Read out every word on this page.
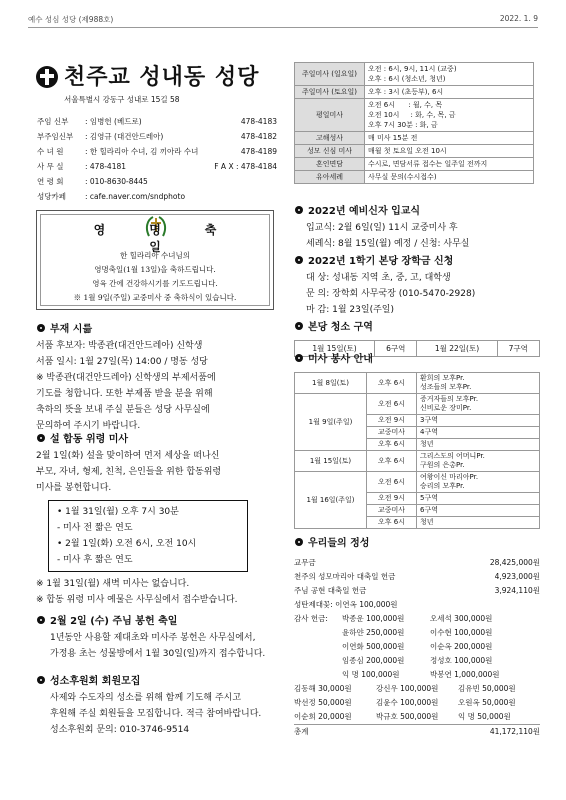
예수 성심 성당 (제988호)	2022. 1. 9
천주교 성내동 성당
서울특별시 강동구 성내로 15길 58
주임 신부 : 임병헌 (베드로)	478-4183
부주임신부 : 김영규 (대건안드레아)	478-4182
수 녀 원	: 한 힐라리아 수녀, 김 끼아라 수녀	478-4189
사 무 실	: 478-4181	F A X : 478-4184
연 령 회	: 010-8630-8445
성당카페	: cafe.naver.com/sndphoto
주일미사 (일요일)	오전 : 6시, 9시, 11시 (교중)
오후 : 6시 (청소년, 청년)
주일미사 (토요일)	오후 : 3시 (초등부), 6시
평일미사	오전 6시      : 월, 수, 목
오전 10시     : 화, 수, 목, 금
오후 7시 30분 : 화, 금
고해성사	매 미사 15분 전
성모 신심 미사	매월 첫 토요일 오전 10시
혼인면담	수시로, 면담서류 접수는 일주일 전까지
유아세례	사무실 문의(수시접수)
영명축일

한 힐라리아 수녀님의

영명축일(1월 13일)을 축하드립니다.

영육 간에 건강하시기를 기도드립니다.

※ 1월 9일(주일) 교중미사 중 축하식이 있습니다.

부재 시륾

서품 후보자: 박종관(대건안드레아) 신학생

서품 일시: 1월 27일(목) 14:00 / 명동 성당

※ 박종관(대건안드레아) 신학생의 부제서품에

기도를 청합니다. 또한 부제품 받을 분을 위해

축하의 뜻을 보내 주실 분들은 성당 사무실에

문의하여 주시기 바랍니다.

설 합동 위령 미사

2월 1일(화) 설을 맞이하여 먼저 세상을 떠나신

부모, 자녀, 형제, 친척, 은인들을 위한 합동위령

미사를 봉헌합니다.

• 1월 31일(월) 오후 7시 30분

- 미사 전 짧은 연도

• 2월 1일(화) 오전 6시, 오전 10시

- 미사 후 짧은 연도

※ 1월 31일(월) 새벽 미사는 없습니다.

※ 합동 위령 미사 예물은 사무실에서 접수받습니다.

2월 2일 (수) 주님 봉헌 축일

1년동안 사용할 제대초와 미사주 봉헌은 사무실에서,

가정용 초는 성물방에서 1월 30일(일)까지 접수합니다.

성소후원회 회원모집

사제와 수도자의 성소를 위해 함께 기도해 주시고

후원해 주실 회원들을 모집합니다. 적극 참여바랍니다.

성소후원회 문의: 010-3746-9514

2022년 예비신자 입교식

입교식: 2월 6일(일) 11시 교중미사 후

세례식: 8월 15일(월) 예정 / 신청: 사무실

2022년 1학기 본당 장학금 신청

대 상: 성내동 지역 초, 중, 고, 대학생

문 의: 장학회 사무국장 (010-5470-2928)

마 감: 1월 23일(주일)

본당 청소 구역
1월 15일(토)	6구역	1월 22일(토)	7구역
미사 봉사 안내
1월 8일(토)	오후 6시	환희의 모후Pr.
성조들의 모후Pr.
1월 9일(주일)	오전 6시	증거자들의 모후Pr.
신비로운 장미Pr.
	오전 9시	3구역
	교중미사	4구역
	오후 6시	청년
1월 15일(토)	오후 6시	그리스도의 어머니Pr.
구원의 은총Pr.
1월 16일(주일)	오전 6시	여왕이신 마리아Pr.
승리의 모후Pr.
	오전 9시	5구역
	교중미사	6구역
	오후 6시	청년
우리들의 정성
교무금	28,425,000원
천주의 성모마리아 대축일 헌금	4,923,000원
주님 공현 대축일 헌금	3,924,110원
성탄제대꽃: 이연옥 100,000원
감사 헌금: 박종운 100,000원	오세석 300,000원
윤하얀 250,000원	이수현 100,000원
이연화 500,000원	이순옥 200,000원
임종심 200,000원	정성호 100,000원
익 명 100,000원	박봉연 1,000,000원
김동해 30,000원	강신우 100,000원	김유빈 50,000원
박선정 50,000원	김윤수 100,000원	오원옥 50,000원
이순희 20,000원	박규호 500,000원	익 명 50,000원
총계	41,172,110원
